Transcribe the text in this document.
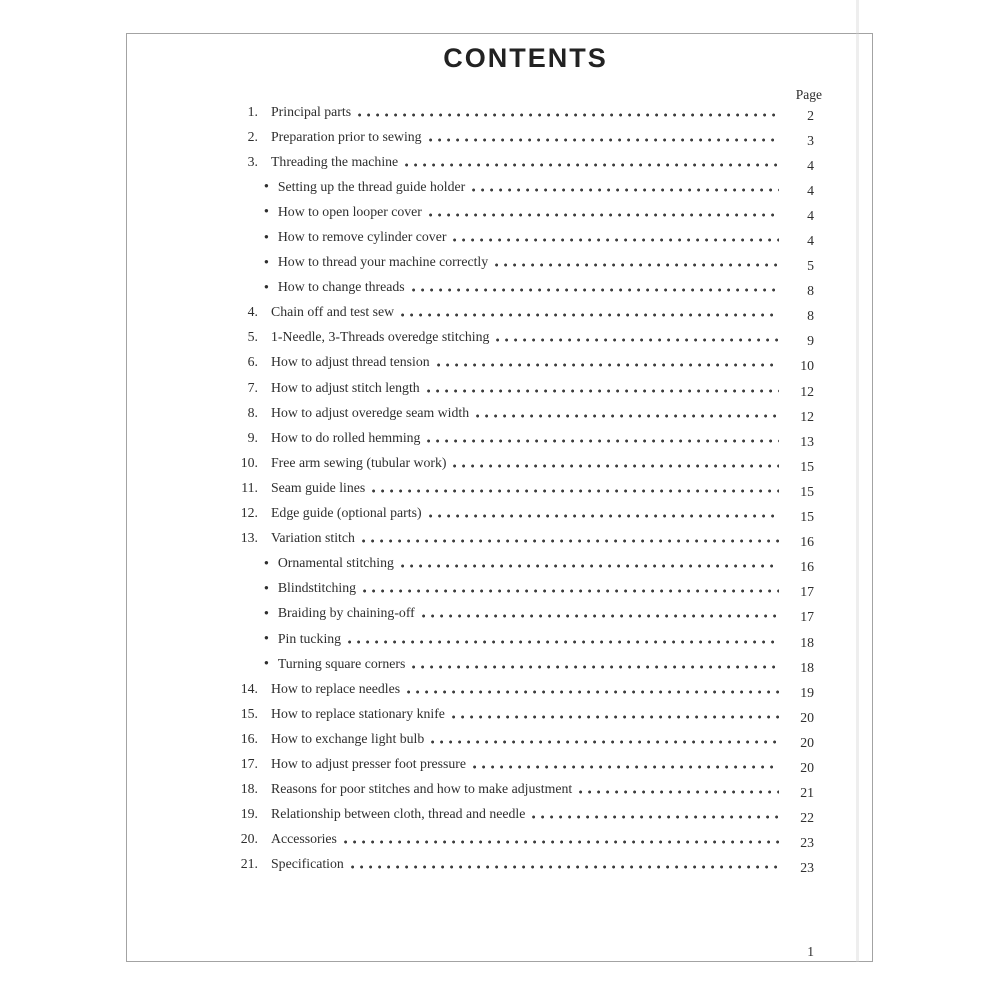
CONTENTS
Page
1. Principal parts	2
2. Preparation prior to sewing	3
3. Threading the machine	4
● Setting up the thread guide holder	4
● How to open looper cover	4
● How to remove cylinder cover	4
● How to thread your machine correctly	5
● How to change threads	8
4. Chain off and test sew	8
5. 1-Needle, 3-Threads overedge stitching	9
6. How to adjust thread tension	10
7. How to adjust stitch length	12
8. How to adjust overedge seam width	12
9. How to do rolled hemming	13
10. Free arm sewing (tubular work)	15
11. Seam guide lines	15
12. Edge guide (optional parts)	15
13. Variation stitch	16
● Ornamental stitching	16
● Blindstitching	17
● Braiding by chaining-off	17
● Pin tucking	18
● Turning square corners	18
14. How to replace needles	19
15. How to replace stationary knife	20
16. How to exchange light bulb	20
17. How to adjust presser foot pressure	20
18. Reasons for poor stitches and how to make adjustment	21
19. Relationship between cloth, thread and needle	22
20. Accessories	23
21. Specification	23
1
